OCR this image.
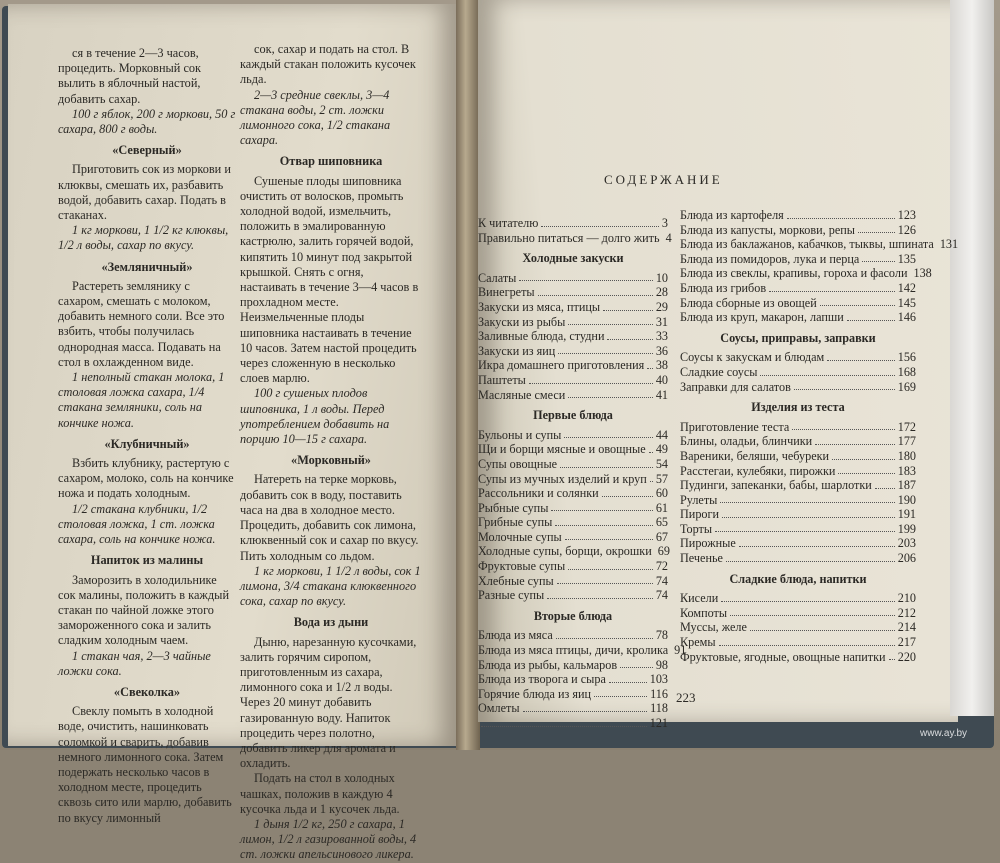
ся в течение 2—3 часов, процедить. Морковный сок вылить в яблочный настой, добавить сахар.

100 г яблок, 200 г моркови, 50 г сахара, 800 г воды.

«Северный»

Приготовить сок из моркови и клюквы, смешать их, разбавить водой, добавить сахар. Подать в стаканах.

1 кг моркови, 1 1/2 кг клюквы, 1/2 л воды, сахар по вкусу.

«Земляничный»

Растереть землянику с сахаром, смешать с молоком, добавить немного соли. Все это взбить, чтобы получилась однородная масса. Подавать на стол в охлажденном виде.

1 неполный стакан молока, 1 столовая ложка сахара, 1/4 стакана земляники, соль на кончике ножа.

«Клубничный»

Взбить клубнику, растертую с сахаром, молоко, соль на кончике ножа и подать холодным.

1/2 стакана клубники, 1/2 столовая ложка, 1 ст. ложка сахара, соль на кончике ножа.

Напиток из малины

Заморозить в холодильнике сок малины, положить в каждый стакан по чайной ложке этого замороженного сока и залить сладким холодным чаем.

1 стакан чая, 2—3 чайные ложки сока.

«Свеколка»

Свеклу помыть в холодной воде, очистить, нашинковать соломкой и сварить, добавив немного лимонного сока. Затем подержать несколько часов в холодном месте, процедить сквозь сито или марлю, добавить по вкусу лимонный

сок, сахар и подать на стол. В каждый стакан положить кусочек льда.

2—3 средние свеклы, 3—4 стакана воды, 2 ст. ложки лимонного сока, 1/2 стакана сахара.

Отвар шиповника

Сушеные плоды шиповника очистить от волосков, промыть холодной водой, измельчить, положить в эмалированную кастрюлю, залить горячей водой, кипятить 10 минут под закрытой крышкой. Снять с огня, настаивать в течение 3—4 часов в прохладном месте. Неизмельченные плоды шиповника настаивать в течение 10 часов. Затем настой процедить через сложенную в несколько слоев марлю.

100 г сушеных плодов шиповника, 1 л воды. Перед употреблением добавить на порцию 10—15 г сахара.

«Морковный»

Натереть на терке морковь, добавить сок в воду, поставить часа на два в холодное место. Процедить, добавить сок лимона, клюквенный сок и сахар по вкусу. Пить холодным со льдом.

1 кг моркови, 1 1/2 л воды, сок 1 лимона, 3/4 стакана клюквенного сока, сахар по вкусу.

Вода из дыни

Дыню, нарезанную кусочками, залить горячим сиропом, приготовленным из сахара, лимонного сока и 1/2 л воды. Через 20 минут добавить газированную воду. Напиток процедить через полотно, добавить ликер для аромата и охладить.

Подать на стол в холодных чашках, положив в каждую 4 кусочка льда и 1 кусочек льда.

1 дыня 1/2 кг, 250 г сахара, 1 лимон, 1/2 л газированной воды, 4 ст. ложки апельсинового ликера.

СОДЕРЖАНИЕ
К читателю	3
Правильно питаться — долго жить 4
Холодные закуски
Салаты	10
Винегреты	28
Закуски из мяса, птицы	29
Закуски из рыбы	31
Заливные блюда, студни	33
Закуски из яиц	36
Икра домашнего приготовления 38
Паштеты	40
Масляные смеси	41
Первые блюда
Бульоны и супы	44
Щи и борщи мясные и овощные 49
Супы овощные	54
Супы из мучных изделий и круп 57
Рассольники и солянки	60
Рыбные супы	61
Грибные супы	65
Молочные супы	67
Холодные супы, борщи, окрошки 69
Фруктовые супы	72
Хлебные супы	74
Разные супы	74
Вторые блюда
Блюда из мяса	78
Блюда из мяса птицы, дичи, кролика 91
Блюда из рыбы, кальмаров	98
Блюда из творога и сыра	103
Горячие блюда из яиц	116
Омлеты	118
121
Блюда из картофеля	123
Блюда из капусты, моркови, репы	126
Блюда из баклажанов, кабачков, тыквы, шпината 131
Блюда из помидоров, лука и перца	135
Блюда из свеклы, крапивы, гороха и фасоли 138
Блюда из грибов	142
Блюда сборные из овощей	145
Блюда из круп, макарон, лапши	146
Соусы, приправы, заправки
Соусы к закускам и блюдам	156
Сладкие соусы	168
Заправки для салатов	169
Изделия из теста
Приготовление теста	172
Блины, оладьи, блинчики	177
Вареники, беляши, чебуреки	180
Расстегаи, кулебяки, пирожки	183
Пудинги, запеканки, бабы, шарлотки 187
Рулеты	190
Пироги	191
Торты	199
Пирожные	203
Печенье	206
Сладкие блюда, напитки
Кисели	210
Компоты	212
Муссы, желе	214
Кремы	217
Фруктовые, ягодные, овощные напитки 220
223
www.ay.by
